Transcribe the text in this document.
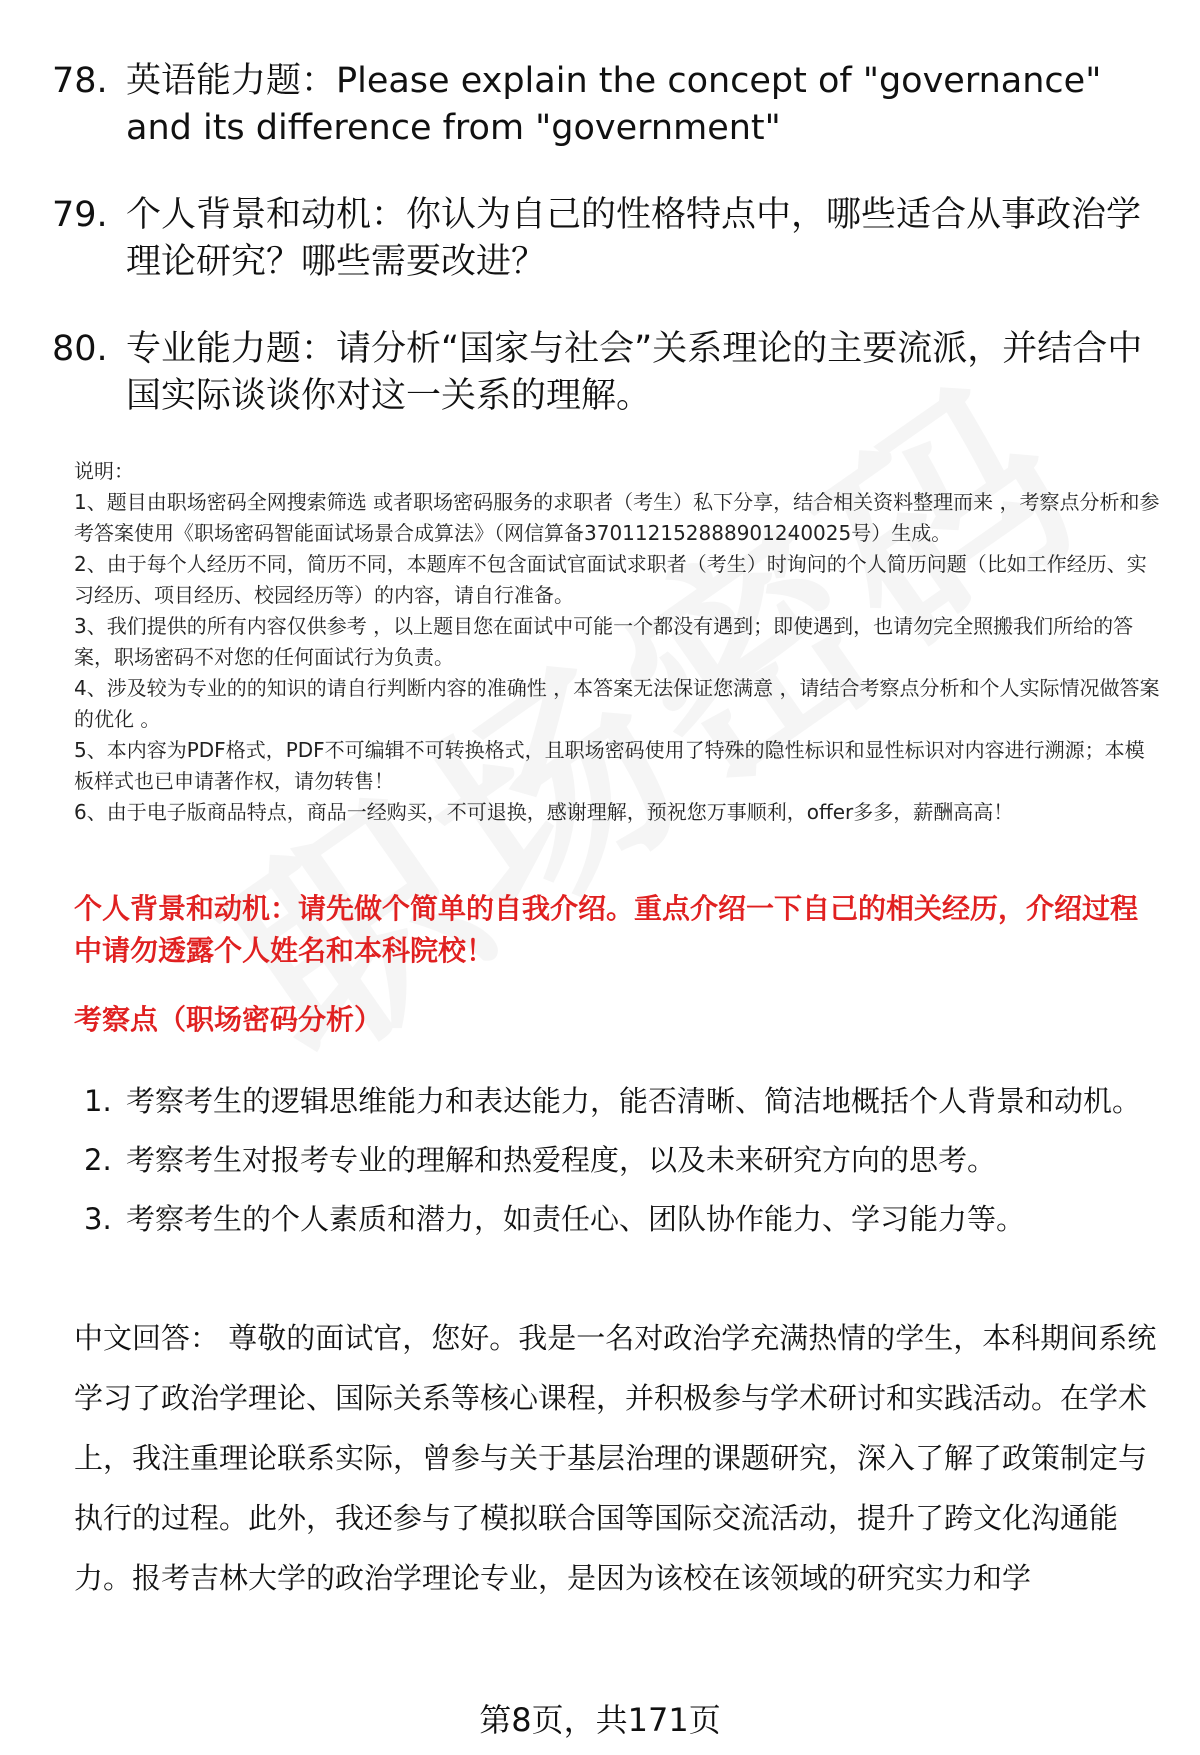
78. 英语能力题：Please explain the concept of "governance" and its difference from "government"
79. 个人背景和动机：你认为自己的性格特点中，哪些适合从事政治学理论研究？哪些需要改进？
80. 专业能力题：请分析“国家与社会”关系理论的主要流派，并结合中国实际谈谈你对这一关系的理解。

说明：

1、题目由职场密码全网搜索筛选 或者职场密码服务的求职者（考生）私下分享，结合相关资料整理而来 ，考察点分析和参考答案使用《职场密码智能面试场景合成算法》（网信算备370112152888901240025号）生成。

2、由于每个人经历不同，简历不同，本题库不包含面试官面试求职者（考生）时询问的个人简历问题（比如工作经历、实习经历、项目经历、校园经历等）的内容，请自行准备。

3、我们提供的所有内容仅供参考 ，以上题目您在面试中可能一个都没有遇到；即使遇到，也请勿完全照搬我们所给的答案，职场密码不对您的任何面试行为负责。

4、涉及较为专业的的知识的请自行判断内容的准确性 ，本答案无法保证您满意 ，请结合考察点分析和个人实际情况做答案的优化 。

5、本内容为PDF格式，PDF不可编辑不可转换格式，且职场密码使用了特殊的隐性标识和显性标识对内容进行溯源；本模板样式也已申请著作权，请勿转售！

6、由于电子版商品特点，商品一经购买，不可退换，感谢理解，预祝您万事顺利，offer多多，薪酬高高！

个人背景和动机：请先做个简单的自我介绍。重点介绍一下自己的相关经历，介绍过程中请勿透露个人姓名和本科院校！
考察点（职场密码分析）
1. 考察考生的逻辑思维能力和表达能力，能否清晰、简洁地概括个人背景和动机。
2. 考察考生对报考专业的理解和热爱程度，以及未来研究方向的思考。
3. 考察考生的个人素质和潜力，如责任心、团队协作能力、学习能力等。

中文回答： 尊敬的面试官，您好。我是一名对政治学充满热情的学生，本科期间系统学习了政治学理论、国际关系等核心课程，并积极参与学术研讨和实践活动。在学术上，我注重理论联系实际，曾参与关于基层治理的课题研究，深入了解了政策制定与执行的过程。此外，我还参与了模拟联合国等国际交流活动，提升了跨文化沟通能力。报考吉林大学的政治学理论专业，是因为该校在该领域的研究实力和学

第8页，共171页
